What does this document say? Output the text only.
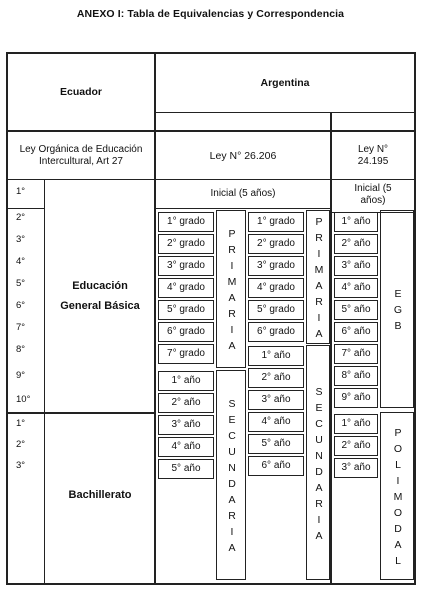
ANEXO I: Tabla de Equivalencias y Correspondencia
Ecuador
Argentina
Ley Orgánica de Educación Intercultural, Art 27	Ley N° 26.206
Ley N° 24.195
Inicial (5 años)	Inicial (5 años)
Educación General Básica
Bachillerato
1°
2°
3°
4°
5°
6°
7°
8°
9°
10°
1°
2°
3°
1° grado
2° grado
3° grado
4° grado
5° grado
6° grado
7° grado
1° año
2° año
3° año
4° año
5° año
1° grado
2° grado
3° grado
4° grado
5° grado
6° grado
1° año
2° año
3° año
4° año
5° año
6° año
1° año
2° año
3° año
4° año
5° año
6° año
7° año
8° año
9° año
1° año
2° año
3° año
P
R
I
M
A
R
I
A
S
E
C
U
N
D
A
R
I
A
P
R
I
M
A
R
I
A
S
E
C
U
N
D
A
R
I
A
E
G
B
P
O
L
I
M
O
D
A
L
